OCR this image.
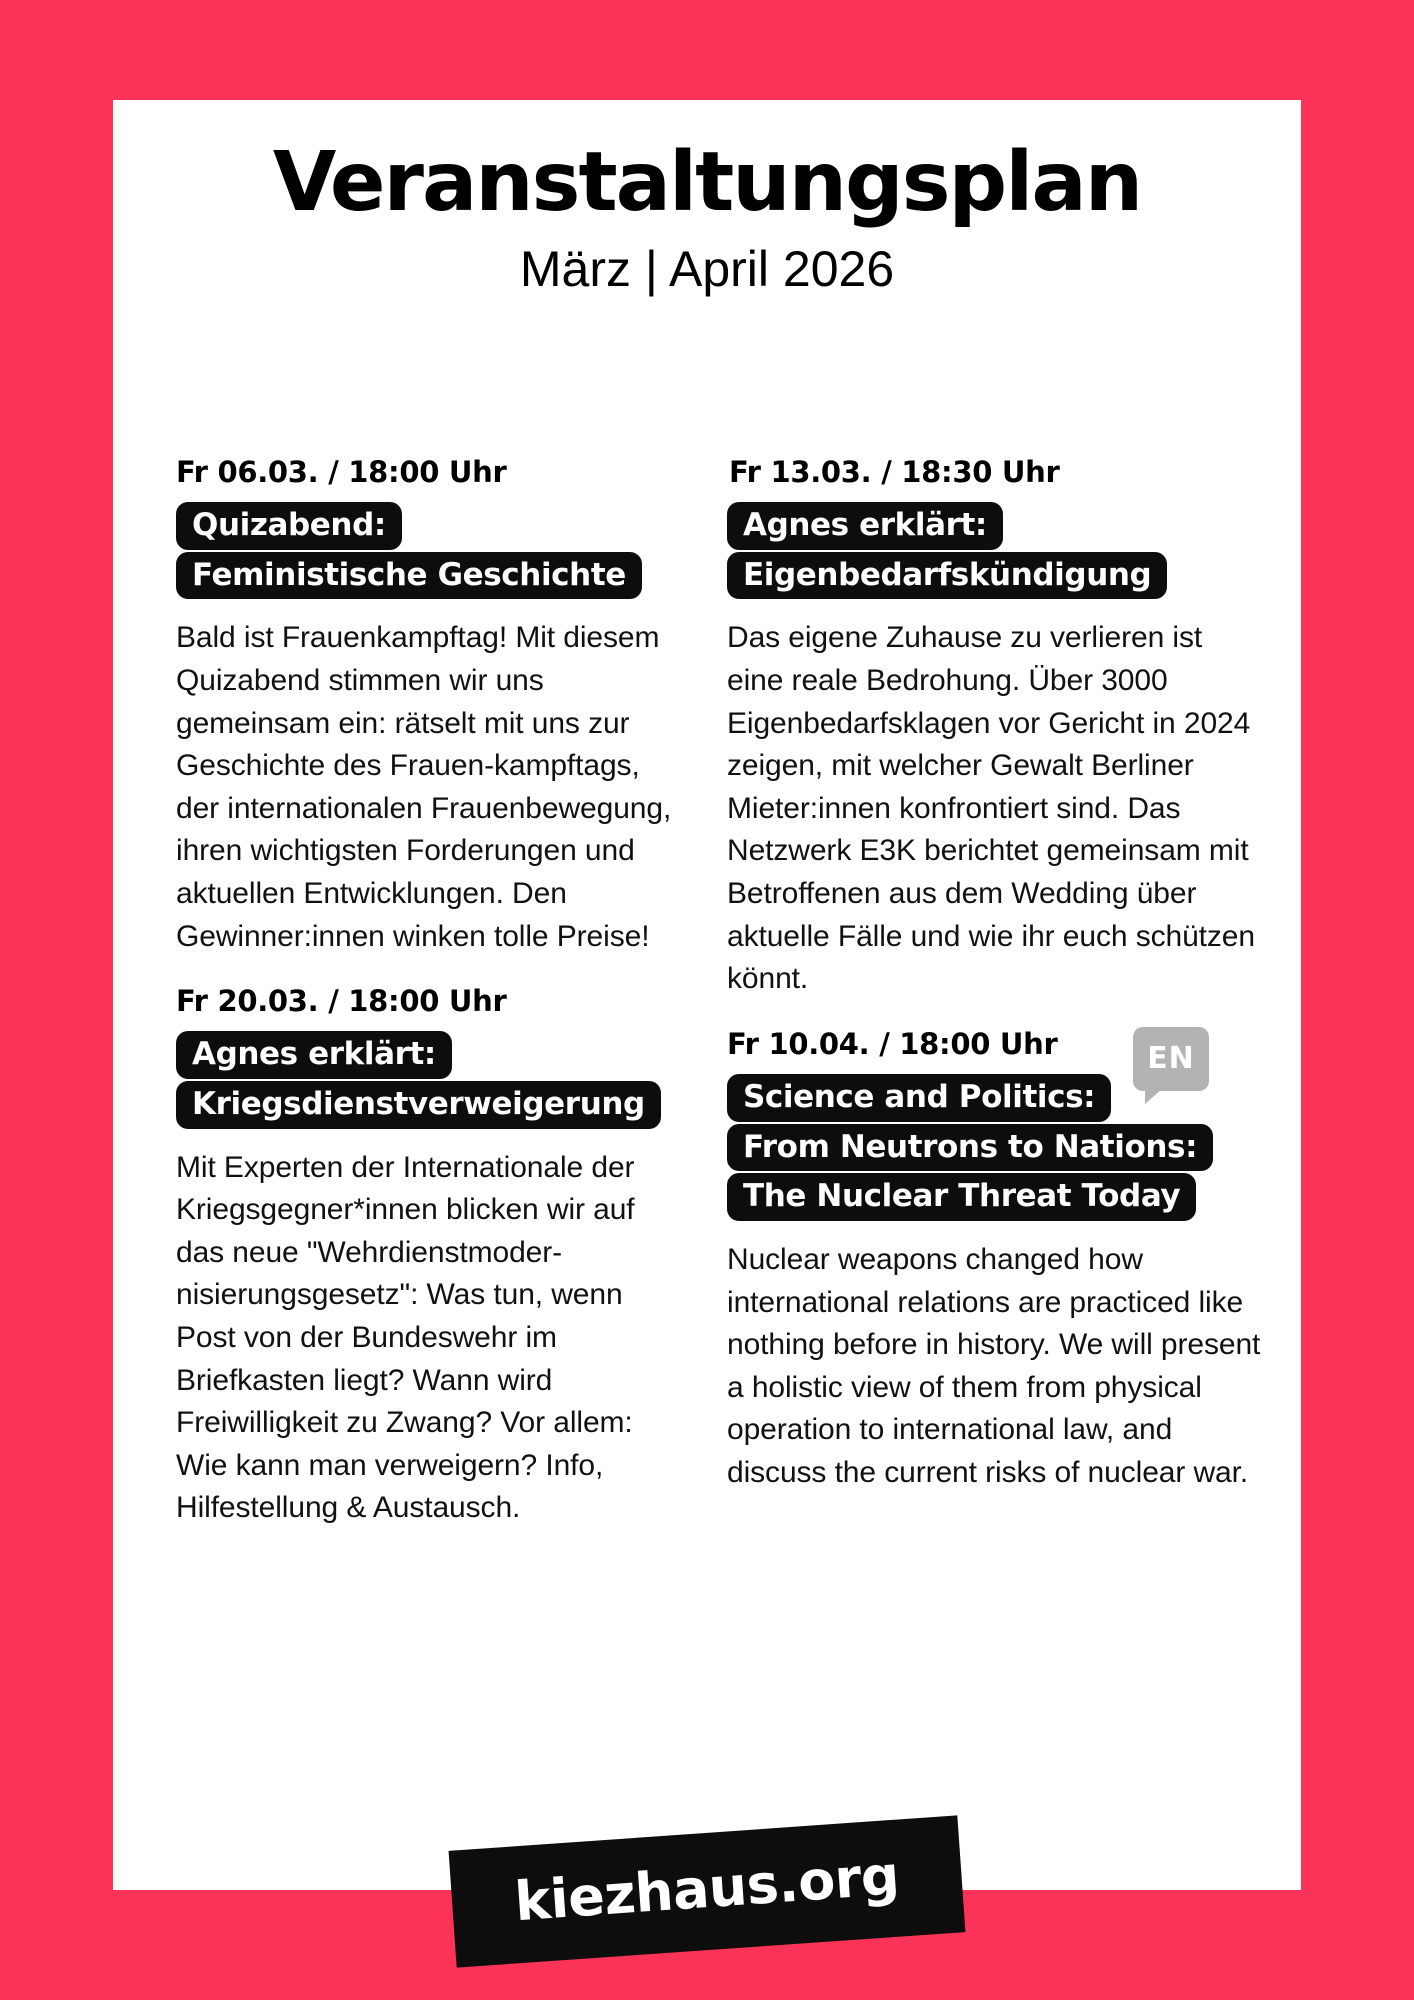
Veranstaltungsplan
März | April 2026
Fr 06.03. / 18:00 Uhr
Quizabend:
Feministische Geschichte
Bald ist Frauenkampftag! Mit diesem Quizabend stimmen wir uns gemeinsam ein: rätselt mit uns zur Geschichte des Frauen-kampftags, der internationalen Frauenbewegung, ihren wichtigsten Forderungen und aktuellen Entwicklungen. Den Gewinner:innen winken tolle Preise!
Fr 20.03. / 18:00 Uhr
Agnes erklärt:
Kriegsdienstverweigerung
Mit Experten der Internationale der Kriegsgegner*innen blicken wir auf das neue "Wehrdienstmoder-nisierungsgesetz": Was tun, wenn Post von der Bundeswehr im Briefkasten liegt? Wann wird Freiwilligkeit zu Zwang? Vor allem: Wie kann man verweigern? Info, Hilfestellung & Austausch.
Fr 13.03. / 18:30 Uhr
Agnes erklärt:
Eigenbedarfskündigung
Das eigene Zuhause zu verlieren ist eine reale Bedrohung. Über 3000 Eigenbedarfsklagen vor Gericht in 2024 zeigen, mit welcher Gewalt Berliner Mieter:innen konfrontiert sind. Das Netzwerk E3K berichtet gemeinsam mit Betroffenen aus dem Wedding über aktuelle Fälle und wie ihr euch schützen könnt.
Fr 10.04. / 18:00 Uhr	EN
Science and Politics:
From Neutrons to Nations:
The Nuclear Threat Today
Nuclear weapons changed how international relations are practiced like nothing before in history. We will present a holistic view of them from physical operation to international law, and discuss the current risks of nuclear war.
kiezhaus.org
